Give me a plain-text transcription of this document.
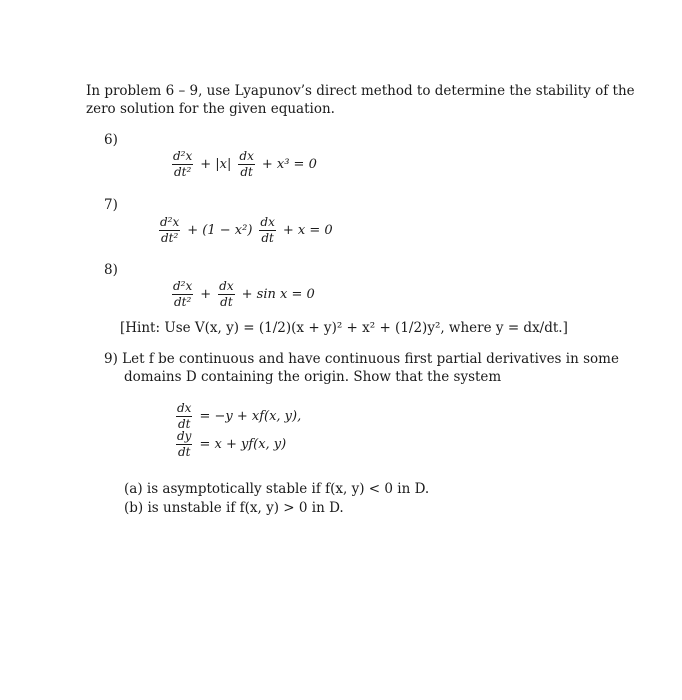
In problem 6 – 9, use Lyapunov’s direct method to determine the stability of the zero solution for the given equation.
6)
$\frac{\text{d²x}}{\text{dt²}} + |x| \frac{dx}{dt} + x^3 = 0$
7)
$\frac{\text{d²x}}{\text{dt²}} + (1 - x^2) \frac{dx}{dt} + x = 0$
8)
$\frac{\text{d²x}}{\text{dt²}} + \frac{dx}{dt} + \sin x = 0$
[Hint: Use V(x, y) = (1/2)(x + y)² + x² + (1/2)y², where y = dx/dt.]
9) Let f be continuous and have continuous first partial derivatives in some domains D containing the origin. Show that the system
$\frac{dx}{dt} = -y + xf(x$, y),
$\frac{dy}{dt} = x + yf(x$, y)
(a) is asymptotically stable if f(x, y) < 0 in D.
(b) is unstable if f(x, y) > 0 in D.
